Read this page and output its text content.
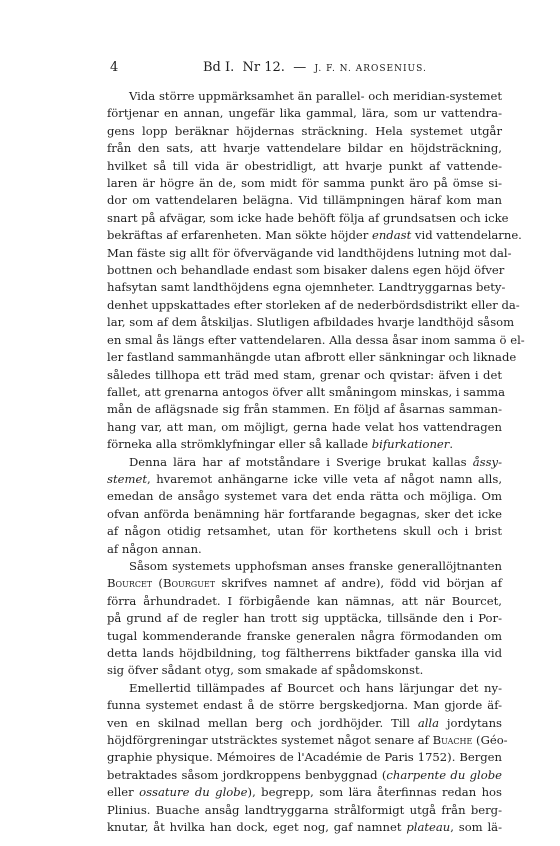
4	Bd I. Nr 12. — J. F. N. AROSENIUS.
Vida större uppmärksamhet än parallel- och meridian-systemet
förtjenar en annan, ungefär lika gammal, lära, som ur vattendra-
gens lopp beräknar höjdernas sträckning. Hela systemet utgår
från den sats, att hvarje vattendelare bildar en höjdsträckning,
hvilket så till vida är obestridligt, att hvarje punkt af vattende-
laren är högre än de, som midt för samma punkt äro på ömse si-
dor om vattendelaren belägna. Vid tillämpningen häraf kom man
snart på afvägar, som icke hade behöft följa af grundsatsen och icke
bekräftas af erfarenheten. Man sökte höjder endast vid vattendelarne.
Man fäste sig allt för öfvervägande vid landthöjdens lutning mot dal-
bottnen och behandlade endast som bisaker dalens egen höjd öfver
hafsytan samt landthöjdens egna ojemnheter. Landtryggarnas bety-
denhet uppskattades efter storleken af de nederbördsdistrikt eller da-
lar, som af dem åtskiljas. Slutligen afbildades hvarje landthöjd såsom
en smal ås längs efter vattendelaren. Alla dessa åsar inom samma ö el-
ler fastland sammanhängde utan afbrott eller sänkningar och liknade
således tillhopa ett träd med stam, grenar och qvistar: äfven i det
fallet, att grenarna antogos öfver allt småningom minskas, i samma
mån de aflägsnade sig från stammen. En följd af åsarnas samman-
hang var, att man, om möjligt, gerna hade velat hos vattendragen
förneka alla strömklyfningar eller så kallade bifurkationer.
Denna lära har af motståndare i Sverige brukat kallas åssy-
stemet, hvaremot anhängarne icke ville veta af något namn alls,
emedan de ansågo systemet vara det enda rätta och möjliga. Om
ofvan anförda benämning här fortfarande begagnas, sker det icke
af någon otidig retsamhet, utan för korthetens skull och i brist
af någon annan.
Såsom systemets upphofsman anses franske generallöjtnanten
Bourcet (Bourguet skrifves namnet af andre), född vid början af
förra århundradet. I förbigående kan nämnas, att när Bourcet,
på grund af de regler han trott sig upptäcka, tillsände den i Por-
tugal kommenderande franske generalen några förmodanden om
detta lands höjdbildning, tog fältherrens biktfader ganska illa vid
sig öfver sådant otyg, som smakade af spådomskonst.
Emellertid tillämpades af Bourcet och hans lärjungar det ny-
funna systemet endast å de större bergskedjorna. Man gjorde äf-
ven en skilnad mellan berg och jordhöjder. Till alla jordytans
höjdförgreningar utsträcktes systemet något senare af Buache (Géo-
graphie physique. Mémoires de l'Académie de Paris 1752). Bergen
betraktades såsom jordkroppens benbyggnad (charpente du globe
eller ossature du globe), begrepp, som lära återfinnas redan hos
Plinius. Buache ansåg landtryggarna strålformigt utgå från berg-
knutar, åt hvilka han dock, eget nog, gaf namnet plateau, som lä-
